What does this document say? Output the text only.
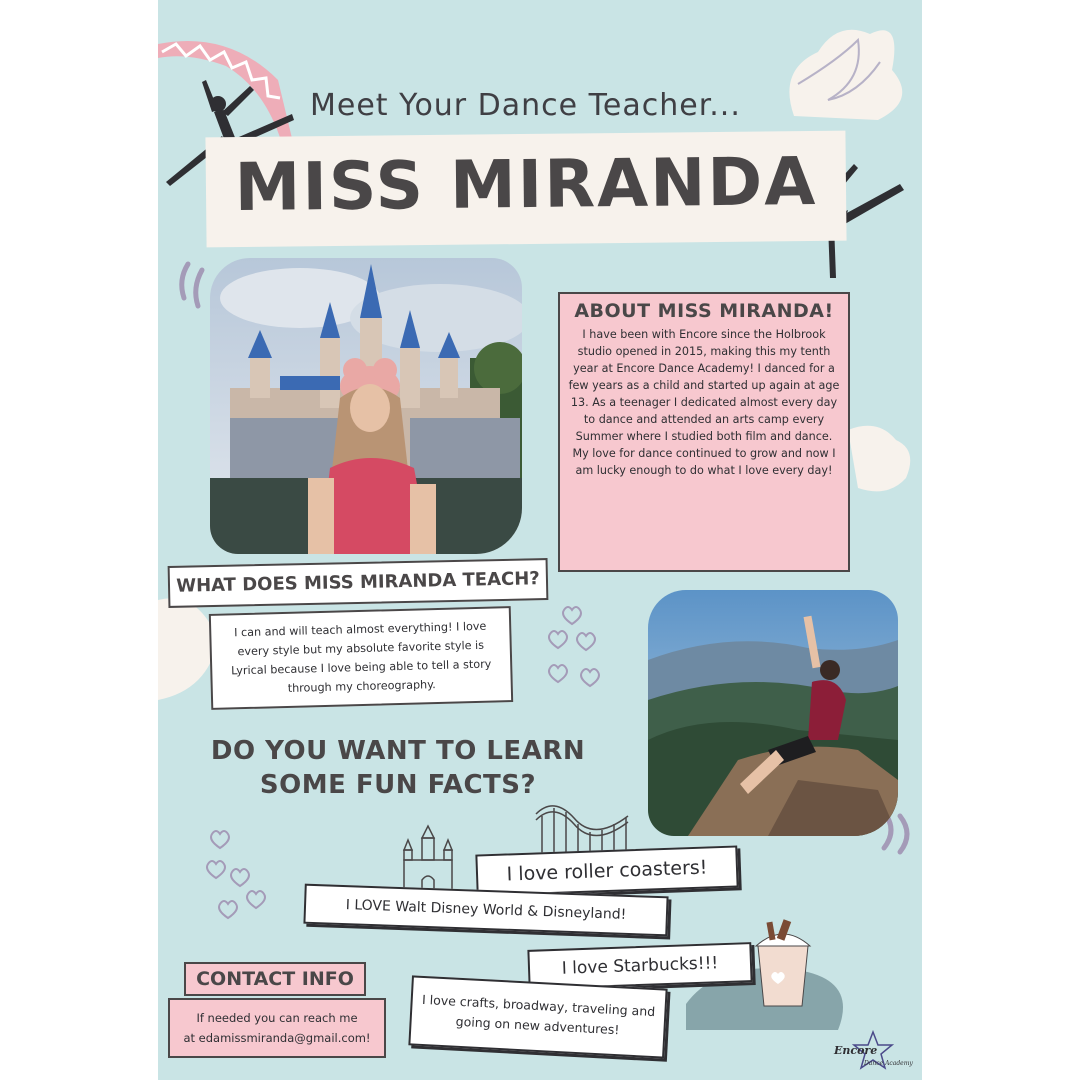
Meet Your Dance Teacher...
MISS MIRANDA
ABOUT MISS MIRANDA!
I have been with Encore since the Holbrook studio opened in 2015, making this my tenth year at Encore Dance Academy! I danced for a few years as a child and started up again at age 13. As a teenager I dedicated almost every day to dance and attended an arts camp every Summer where I studied both film and dance. My love for dance continued to grow and now I am lucky enough to do what I love every day!
WHAT DOES MISS MIRANDA TEACH?
I can and will teach almost everything! I love every style but my absolute favorite style is Lyrical because I love being able to tell a story through my choreography.
DO YOU WANT TO LEARN
SOME FUN FACTS?
I love roller coasters!
I LOVE Walt Disney World & Disneyland!
I love Starbucks!!!
I love crafts, broadway, traveling and going on new adventures!
CONTACT INFO
If needed you can reach me
at edamissmiranda@gmail.com!
Encore
Dance Academy
